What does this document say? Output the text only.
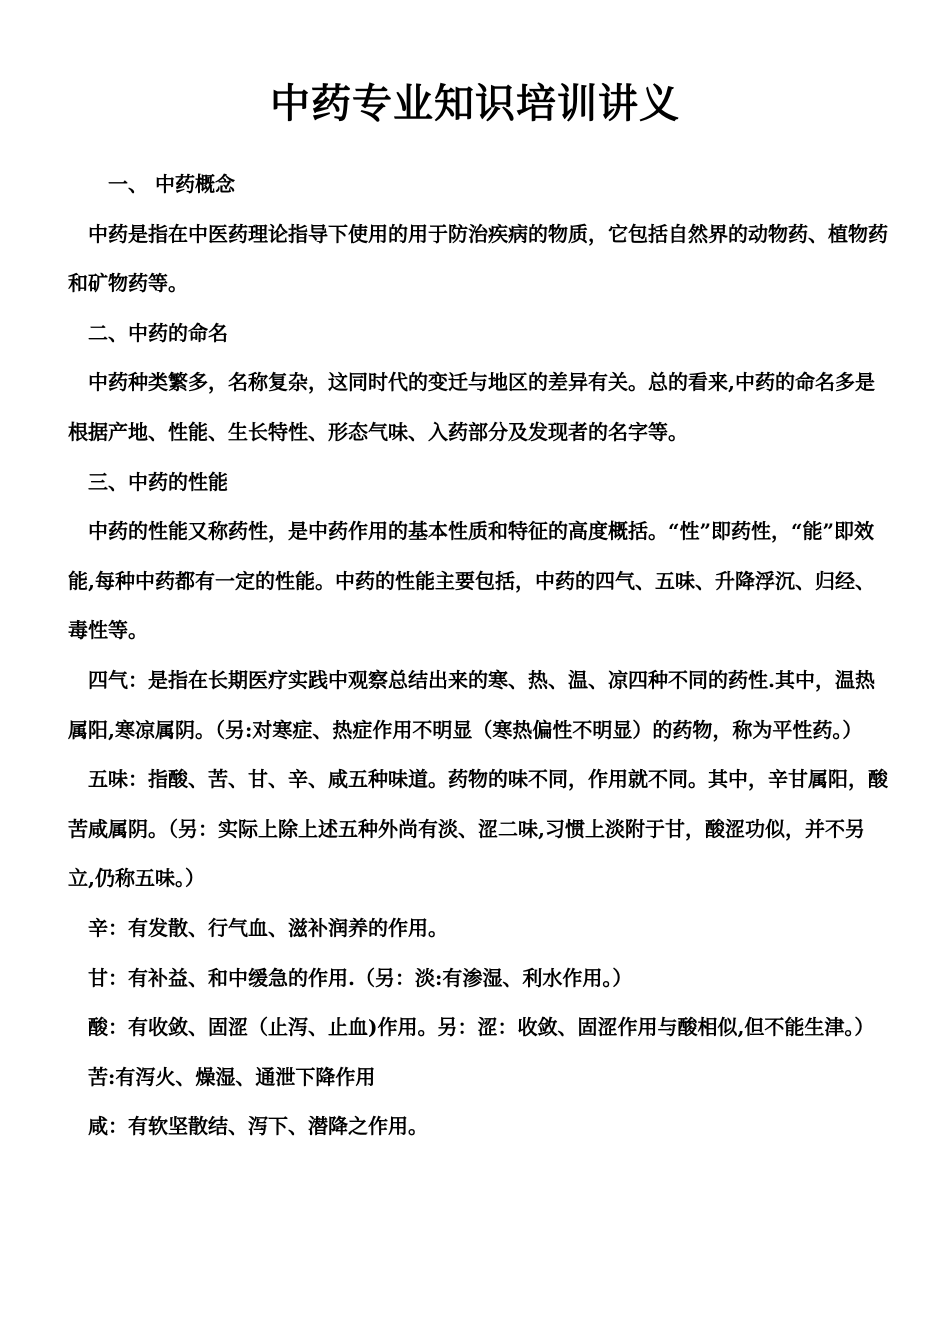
中药专业知识培训讲义

一、 中药概念

中药是指在中医药理论指导下使用的用于防治疾病的物质，它包括自然界的动物药、植物药和矿物药等。

二、中药的命名

中药种类繁多，名称复杂，这同时代的变迁与地区的差异有关。总的看来,中药的命名多是根据产地、性能、生长特性、形态气味、入药部分及发现者的名字等。

三、中药的性能

中药的性能又称药性，是中药作用的基本性质和特征的高度概括。“性”即药性，“能”即效能,每种中药都有一定的性能。中药的性能主要包括，中药的四气、五味、升降浮沉、归经、毒性等。

四气：是指在长期医疗实践中观察总结出来的寒、热、温、凉四种不同的药性.其中，温热属阳,寒凉属阴。（另:对寒症、热症作用不明显（寒热偏性不明显）的药物，称为平性药。）

五味：指酸、苦、甘、辛、咸五种味道。药物的味不同，作用就不同。其中，辛甘属阳，酸苦咸属阴。（另：实际上除上述五种外尚有淡、涩二味,习惯上淡附于甘，酸涩功似，并不另立,仍称五味。）

辛：有发散、行气血、滋补润养的作用。

甘：有补益、和中缓急的作用.（另：淡:有渗湿、利水作用。）

酸：有收敛、固涩（止泻、止血)作用。另：涩：收敛、固涩作用与酸相似,但不能生津。）

苦:有泻火、燥湿、通泄下降作用

咸：有软坚散结、泻下、潜降之作用。
